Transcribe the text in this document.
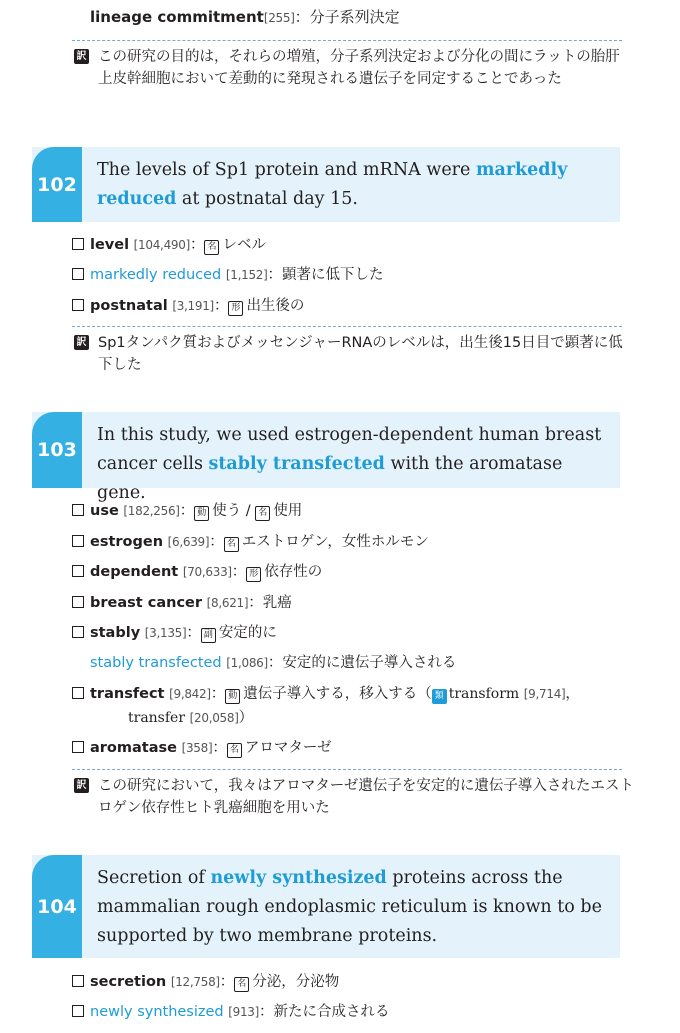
lineage commitment[255]：分子系列決定
訳 この研究の目的は，それらの増殖，分子系列決定および分化の間にラットの胎肝上皮幹細胞において差動的に発現される遺伝子を同定することであった
102
The levels of Sp1 protein and mRNA were markedly
reduced at postnatal day 15.
level [104,490]： 名 レベル
markedly reduced [1,152]：顕著に低下した
postnatal [3,191]： 形 出生後の
訳 Sp1タンパク質およびメッセンジャーRNAのレベルは，出生後15日目で顕著に低下した
103
In this study, we used estrogen-dependent human breast
cancer cells stably transfected with the aromatase gene.
use [182,256]： 動 使う / 名 使用
estrogen [6,639]： 名 エストロゲン，女性ホルモン
dependent [70,633]： 形 依存性の
breast cancer [8,621]：乳癌
stably [3,135]： 副 安定的に
stably transfected [1,086]：安定的に遺伝子導入される
transfect [9,842]： 動 遺伝子導入する，移入する（ 類 transform [9,714]，
transfer [20,058]）
aromatase [358]： 名 アロマターゼ
訳 この研究において，我々はアロマターゼ遺伝子を安定的に遺伝子導入されたエストロゲン依存性ヒト乳癌細胞を用いた
104
Secretion of newly synthesized proteins across the
mammalian rough endoplasmic reticulum is known to be
supported by two membrane proteins.
secretion [12,758]： 名 分泌，分泌物
newly synthesized [913]：新たに合成される
